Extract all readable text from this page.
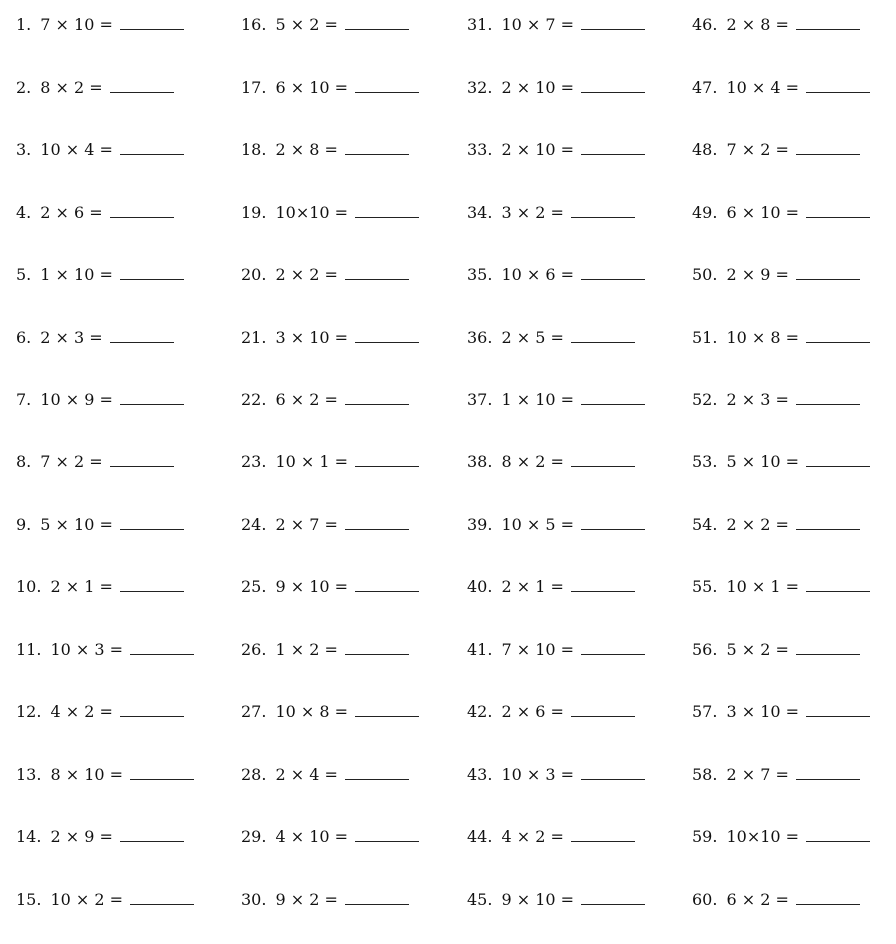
1. 7 × 10 =
2. 8 × 2 =
3. 10 × 4 =
4. 2 × 6 =
5. 1 × 10 =
6. 2 × 3 =
7. 10 × 9 =
8. 7 × 2 =
9. 5 × 10 =
10. 2 × 1 =
11. 10 × 3 =
12. 4 × 2 =
13. 8 × 10 =
14. 2 × 9 =
15. 10 × 2 =
16. 5 × 2 =
17. 6 × 10 =
18. 2 × 8 =
19. 10×10 =
20. 2 × 2 =
21. 3 × 10 =
22. 6 × 2 =
23. 10 × 1 =
24. 2 × 7 =
25. 9 × 10 =
26. 1 × 2 =
27. 10 × 8 =
28. 2 × 4 =
29. 4 × 10 =
30. 9 × 2 =
31. 10 × 7 =
32. 2 × 10 =
33. 2 × 10 =
34. 3 × 2 =
35. 10 × 6 =
36. 2 × 5 =
37. 1 × 10 =
38. 8 × 2 =
39. 10 × 5 =
40. 2 × 1 =
41. 7 × 10 =
42. 2 × 6 =
43. 10 × 3 =
44. 4 × 2 =
45. 9 × 10 =
46. 2 × 8 =
47. 10 × 4 =
48. 7 × 2 =
49. 6 × 10 =
50. 2 × 9 =
51. 10 × 8 =
52. 2 × 3 =
53. 5 × 10 =
54. 2 × 2 =
55. 10 × 1 =
56. 5 × 2 =
57. 3 × 10 =
58. 2 × 7 =
59. 10×10 =
60. 6 × 2 =
